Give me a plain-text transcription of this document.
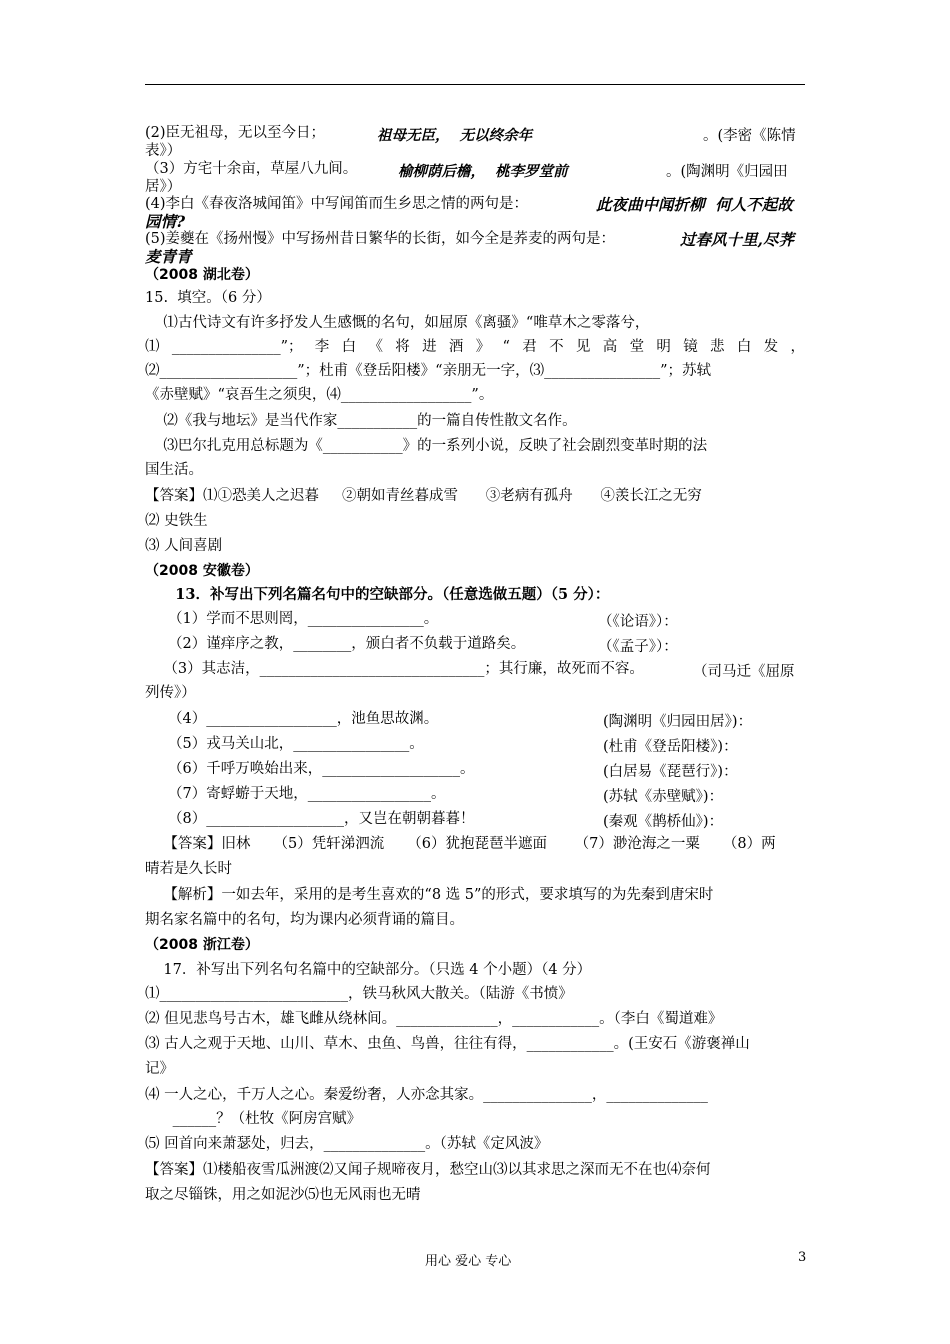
(2)臣无祖母，无以至今日；	祖母无臣，  无以终余年	。(李密《陈情
表》）
（3）方宅十余亩，草屋八九间。	榆柳荫后檐，  桃李罗堂前	。(陶渊明《归园田
居》）
(4)李白《春夜洛城闻笛》中写闻笛而生乡思之情的两句是：	此夜曲中闻折柳  何人不起故
园情?
(5)姜夔在《扬州慢》中写扬州昔日繁华的长街，如今全是荞麦的两句是：	过春风十里,尽荠
麦青青
（2008 湖北卷）
15.  填空。（6 分）
⑴古代诗文有许多抒发人生感慨的名句，如屈原《离骚》“唯草木之零落兮，
⑴_______________”；李白《将进酒》“君不见高堂明镜悲白发，
⑵___________________”；杜甫《登岳阳楼》“亲朋无一字，⑶________________”；苏轼
《赤壁赋》“哀吾生之须臾，⑷__________________”。
⑵《我与地坛》是当代作家___________的一篇自传性散文名作。
⑶巴尔扎克用总标题为《___________》的一系列小说，反映了社会剧烈变革时期的法
国生活。
【答案】⑴①恐美人之迟暮     ②朝如青丝暮成雪      ③老病有孤舟      ④羡长江之无穷
⑵ 史铁生
⑶ 人间喜剧
（2008 安徽卷）
13．补写出下列名篇名句中的空缺部分。（任意选做五题）（5 分）：
（1）学而不思则罔，________________。	（《论语》）：
（2）谨痒序之教，________，颁白者不负载于道路矣。	（《孟子》）：
（3）其志洁，_______________________________；其行廉，故死而不容。	（司马迁《屈原
列传》）
（4）__________________，池鱼思故渊。	(陶渊明《归园田居》)：
（5）戎马关山北，________________。	(杜甫《登岳阳楼》)：
（6）千呼万唤始出来，___________________。	(白居易《琵琶行》)：
（7）寄蜉蝣于天地，_________________。	(苏轼《赤壁赋》)：
（8）___________________，又岂在朝朝暮暮！	(秦观《鹊桥仙》)：
【答案】旧林     （5）凭轩涕泗流     （6）犹抱琵琶半遮面      （7）渺沧海之一粟     （8）两
晴若是久长时
【解析】一如去年，采用的是考生喜欢的“8 选 5”的形式，要求填写的为先秦到唐宋时
期名家名篇中的名句，均为课内必须背诵的篇目。
（2008 浙江卷）
17．补写出下列名句名篇中的空缺部分。（只选 4 个小题）（4 分）
⑴__________________________，铁马秋风大散关。（陆游《书愤》
⑵ 但见悲鸟号古木，雄飞雌从绕林间。______________，____________。（李白《蜀道难》
⑶ 古人之观于天地、山川、草木、虫鱼、鸟兽，往往有得，____________。(王安石《游褒禅山
记》
⑷ 一人之心，千万人之心。秦爱纷奢，人亦念其家。_______________，______________
______？（杜牧《阿房宫赋》
⑸ 回首向来萧瑟处，归去，______________。（苏轼《定风波》
【答案】⑴楼船夜雪瓜洲渡⑵又闻子规啼夜月，愁空山⑶以其求思之深而无不在也⑷奈何
取之尽锱铢，用之如泥沙⑸也无风雨也无晴
用心 爱心 专心	3
